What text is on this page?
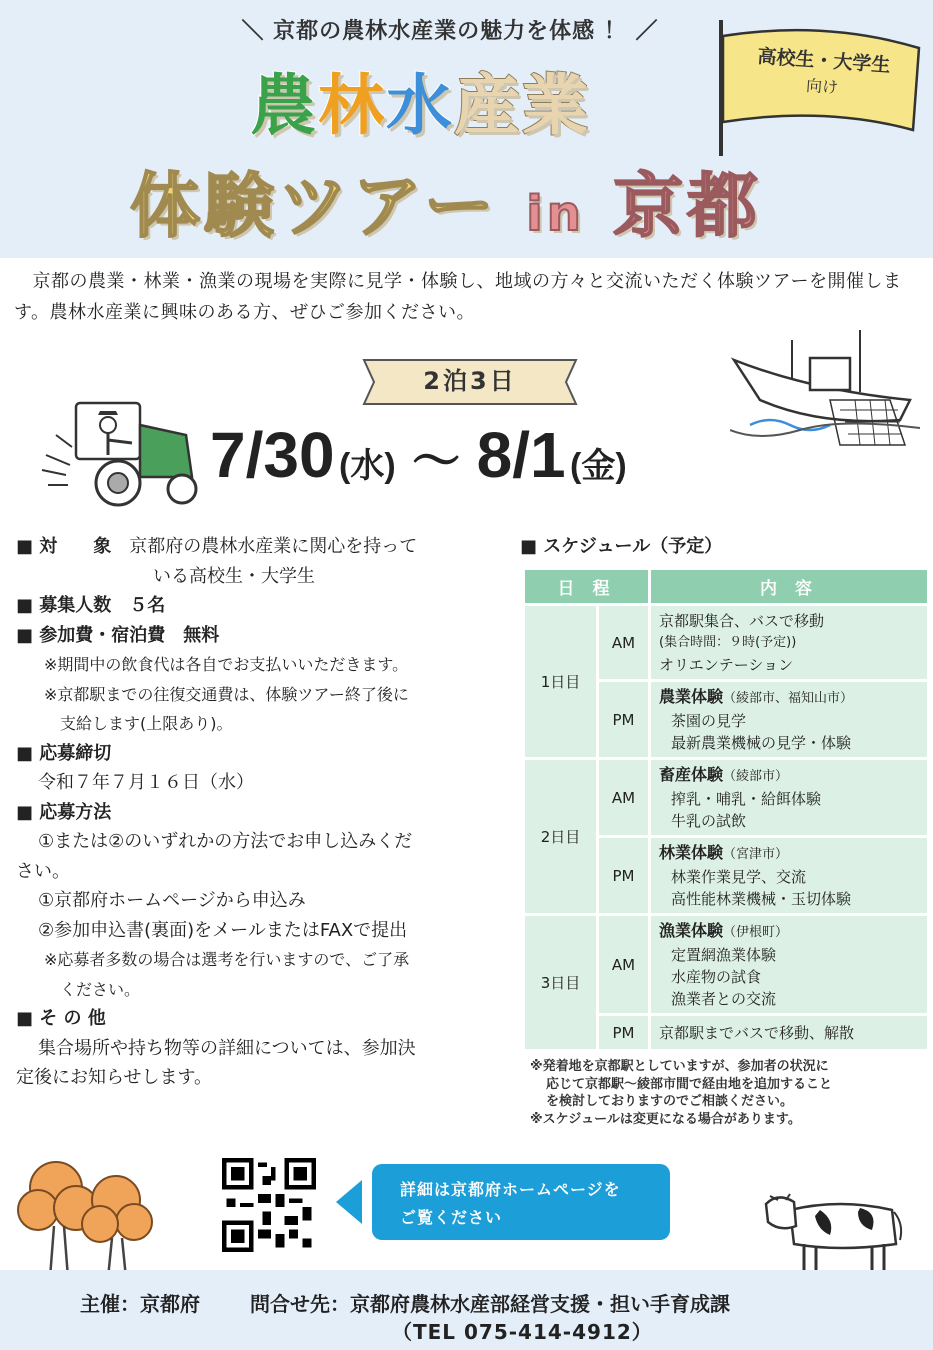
＼ 京都の農林水産業の魅力を体感 ！ ／
農林水産業
体験ツアー in 京都
高校生・大学生
向け
　京都の農業・林業・漁業の現場を実際に見学・体験し、地域の方々と交流いただく体験ツアーを開催します。農林水産業に興味のある方、ぜひご参加ください。
2泊3日
7/30 (水) 〜 8/1 (金)
■ 対　　象　 京都府の農林水産業に関心を持って
いる高校生・大学生
■ 募集人数　５名
■ 参加費・宿泊費　無料
※期間中の飲食代は各自でお支払いいただきます。
※京都駅までの往復交通費は、体験ツアー終了後に
支給します(上限あり)。
■ 応募締切
令和７年７月１６日（水）
■ 応募方法
①または②のいずれかの方法でお申し込みくだ
さい。
①京都府ホームページから申込み
②参加申込書(裏面)をメールまたはFAXで提出
※応募者多数の場合は選考を行いますので、ご了承
ください。
■ そ の 他
集合場所や持ち物等の詳細については、参加決
定後にお知らせします。
■ スケジュール（予定）
日 程		内 容
1日目	AM	京都駅集合、バスで移動
(集合時間：９時(予定))
オリエンテーション

	PM	農業体験（綾部市、福知山市）
茶園の見学
最新農業機械の見学・体験

2日目	AM	畜産体験（綾部市）
搾乳・哺乳・給餌体験
牛乳の試飲

	PM	林業体験（宮津市）
林業作業見学、交流
高性能林業機械・玉切体験

3日目	AM	漁業体験（伊根町）
定置網漁業体験
水産物の試食
漁業者との交流

	PM	京都駅までバスで移動、解散
※発着地を京都駅としていますが、参加者の状況に
応じて京都駅〜綾部市間で経由地を追加すること
を検討しておりますのでご相談ください。
※スケジュールは変更になる場合があります。
詳細は京都府ホームページを
ご覧ください
主催：京都府	問合せ先：京都府農林水産部経営支援・担い手育成課
（TEL 075-414-4912）
